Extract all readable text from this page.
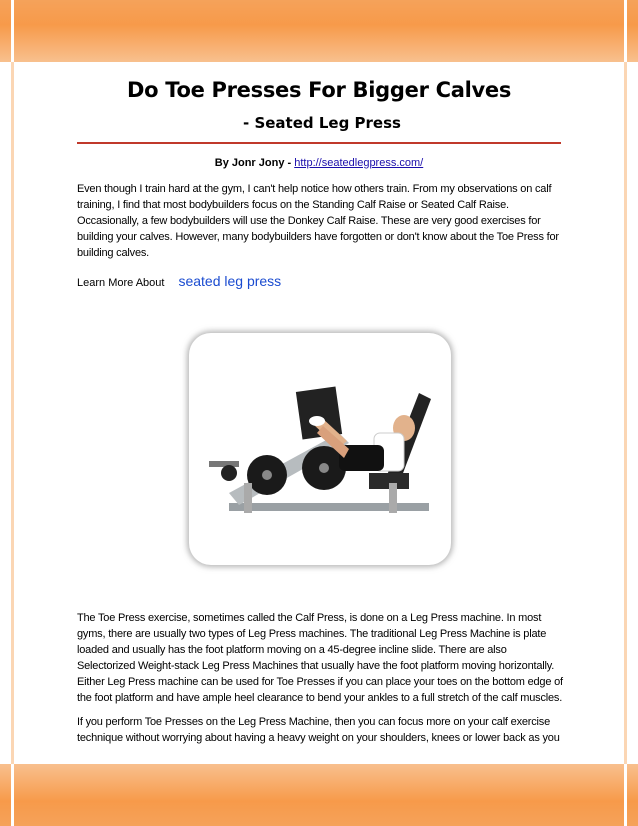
Do Toe Presses For Bigger Calves
- Seated Leg Press
By Jonr Jony - http://seatedlegpress.com/

Even though I train hard at the gym, I can't help notice how others train. From my observations on calf training, I find that most bodybuilders focus on the Standing Calf Raise or Seated Calf Raise. Occasionally, a few bodybuilders will use the Donkey Calf Raise. These are very good exercises for building your calves. However, many bodybuilders have forgotten or don't know about the Toe Press for building calves.

Learn More About seated leg press

The Toe Press exercise, sometimes called the Calf Press, is done on a Leg Press machine. In most gyms, there are usually two types of Leg Press machines. The traditional Leg Press Machine is plate loaded and usually has the foot platform moving on a 45-degree incline slide. There are also Selectorized Weight-stack Leg Press Machines that usually have the foot platform moving horizontally. Either Leg Press machine can be used for Toe Presses if you can place your toes on the bottom edge of the foot platform and have ample heel clearance to bend your ankles to a full stretch of the calf muscles.

If you perform Toe Presses on the Leg Press Machine, then you can focus more on your calf exercise technique without worrying about having a heavy weight on your shoulders, knees or lower back as you
